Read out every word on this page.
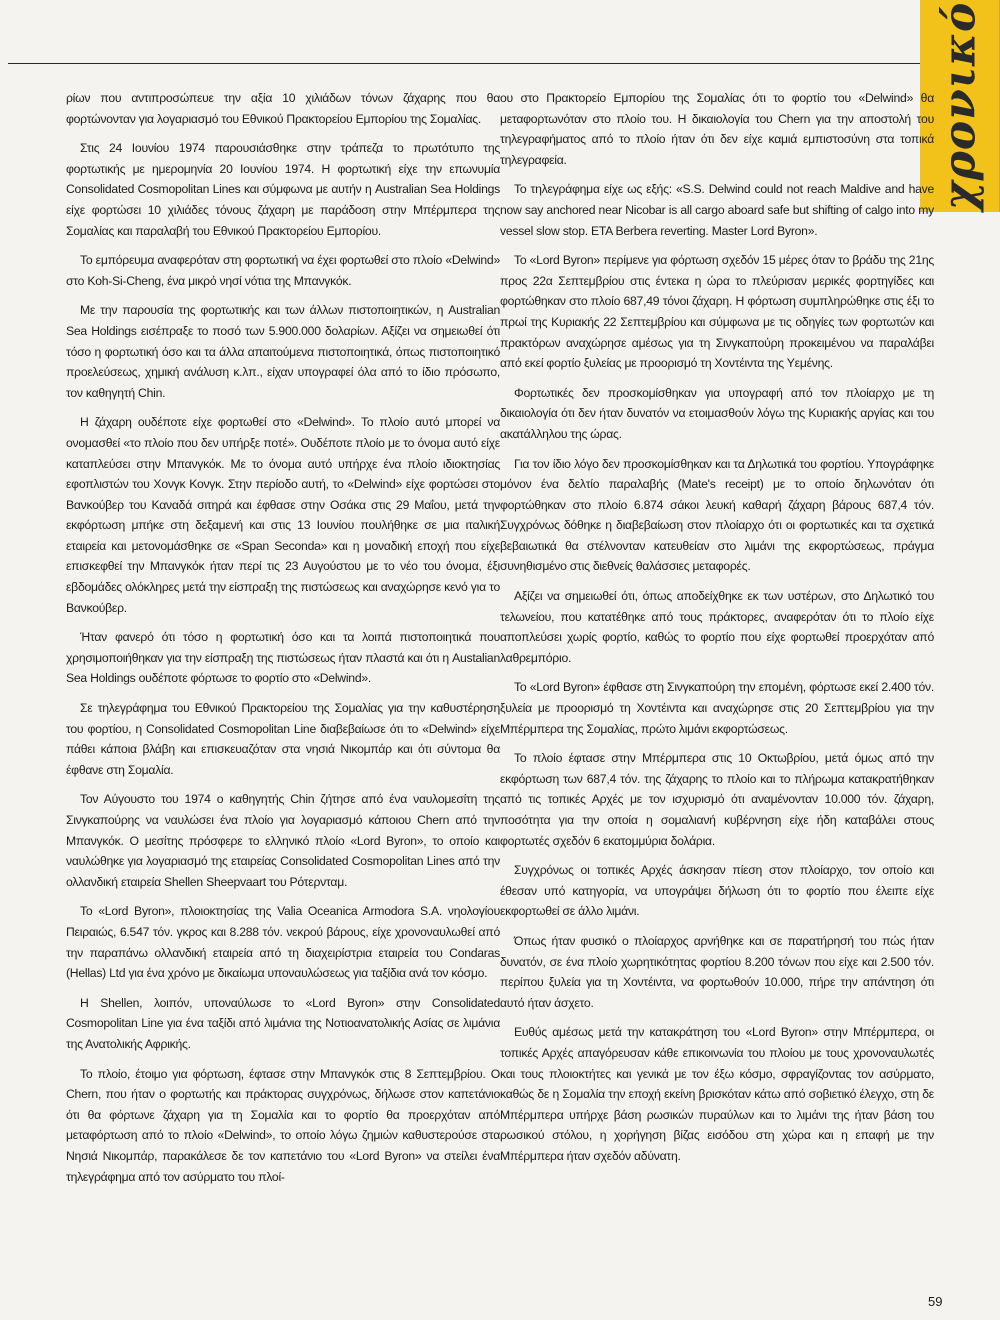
χρονικό

ρίων που αντιπροσώπευε την αξία 10 χιλιάδων τόνων ζάχαρης που θα φορτώνονταν για λογαριασμό του Εθνικού Πρακτορείου Εμπορίου της Σομαλίας.

Στις 24 Ιουνίου 1974 παρουσιάσθηκε στην τράπεζα το πρωτότυπο της φορτωτικής με ημερομηνία 20 Ιουνίου 1974. Η φορτωτική είχε την επωνυμία Consolidated Cosmopolitan Lines και σύμφωνα με αυτήν η Australian Sea Holdings είχε φορτώσει 10 χιλιάδες τόνους ζάχαρη με παράδοση στην Μπέρμπερα της Σομαλίας και παραλαβή του Εθνικού Πρακτορείου Εμπορίου.

Το εμπόρευμα αναφερόταν στη φορτωτική να έχει φορτωθεί στο πλοίο «Delwind» στο Koh-Si-Cheng, ένα μικρό νησί νότια της Μπανγκόκ.

Με την παρουσία της φορτωτικής και των άλλων πιστοποιητικών, η Australian Sea Holdings εισέπραξε το ποσό των 5.900.000 δολαρίων. Αξίζει να σημειωθεί ότι τόσο η φορτωτική όσο και τα άλλα απαιτούμενα πιστοποιητικά, όπως πιστοποιητικό προελεύσεως, χημική ανάλυση κ.λπ., είχαν υπογραφεί όλα από το ίδιο πρόσωπο, τον καθηγητή Chin.

Η ζάχαρη ουδέποτε είχε φορτωθεί στο «Delwind». Το πλοίο αυτό μπορεί να ονομασθεί «το πλοίο που δεν υπήρξε ποτέ». Ουδέποτε πλοίο με το όνομα αυτό είχε καταπλεύσει στην Μπανγκόκ. Με το όνομα αυτό υπήρχε ένα πλοίο ιδιοκτησίας εφοπλιστών του Χονγκ Κονγκ. Στην περίοδο αυτή, το «Delwind» είχε φορτώσει στο Βανκούβερ του Καναδά σιτηρά και έφθασε στην Οσάκα στις 29 Μαΐου, μετά την εκφόρτωση μπήκε στη δεξαμενή και στις 13 Ιουνίου πουλήθηκε σε μια ιταλική εταιρεία και μετονομάσθηκε σε «Span Seconda» και η μοναδική εποχή που είχε επισκεφθεί την Μπανγκόκ ήταν περί τις 23 Αυγούστου με το νέο του όνομα, έξι εβδομάδες ολόκληρες μετά την είσπραξη της πιστώσεως και αναχώρησε κενό για το Βανκούβερ.

Ήταν φανερό ότι τόσο η φορτωτική όσο και τα λοιπά πιστοποιητικά που χρησιμοποιήθηκαν για την είσπραξη της πιστώσεως ήταν πλαστά και ότι η Austalian Sea Holdings ουδέποτε φόρτωσε το φορτίο στο «Delwind».

Σε τηλεγράφημα του Εθνικού Πρακτορείου της Σομαλίας για την καθυστέρηση του φορτίου, η Consolidated Cosmopolitan Line διαβεβαίωσε ότι το «Delwind» είχε πάθει κάποια βλάβη και επισκευαζόταν στα νησιά Νικομπάρ και ότι σύντομα θα έφθανε στη Σομαλία.

Τον Αύγουστο του 1974 ο καθηγητής Chin ζήτησε από ένα ναυλομεσίτη της Σινγκαπούρης να ναυλώσει ένα πλοίο για λογαριασμό κάποιου Chern από την Μπανγκόκ. Ο μεσίτης πρόσφερε το ελληνικό πλοίο «Lord Byron», το οποίο και ναυλώθηκε για λογαριασμό της εταιρείας Consolidated Cosmopolitan Lines από την ολλανδική εταιρεία Shellen Sheepvaart του Ρότερνταμ.

Το «Lord Byron», πλοιοκτησίας της Valia Oceanica Armodora S.A. νηολογίου Πειραιώς, 6.547 τόν. γκρος και 8.288 τόν. νεκρού βάρους, είχε χρονοναυλωθεί από την παραπάνω ολλανδική εταιρεία από τη διαχειρίστρια εταιρεία του Condaras (Hellas) Ltd για ένα χρόνο με δικαίωμα υποναυλώσεως για ταξίδια ανά τον κόσμο.

Η Shellen, λοιπόν, υποναύλωσε το «Lord Byron» στην Consolidated Cosmopolitan Line για ένα ταξίδι από λιμάνια της Νοτιοανατολικής Ασίας σε λιμάνια της Ανατολικής Αφρικής.

Το πλοίο, έτοιμο για φόρτωση, έφτασε στην Μπανγκόκ στις 8 Σεπτεμβρίου. Ο Chern, που ήταν ο φορτωτής και πράκτορας συγχρόνως, δήλωσε στον καπετάνιο ότι θα φόρτωνε ζάχαρη για τη Σομαλία και το φορτίο θα προερχόταν από μεταφόρτωση από το πλοίο «Delwind», το οποίο λόγω ζημιών καθυστερούσε στα Νησιά Νικομπάρ, παρακάλεσε δε τον καπετάνιο του «Lord Byron» να στείλει ένα τηλεγράφημα από τον ασύρματο του πλοί-

ου στο Πρακτορείο Εμπορίου της Σομαλίας ότι το φορτίο του «Delwind» θα μεταφορτωνόταν στο πλοίο του. Η δικαιολογία του Chern για την αποστολή του τηλεγραφήματος από το πλοίο ήταν ότι δεν είχε καμιά εμπιστοσύνη στα τοπικά τηλεγραφεία.

Το τηλεγράφημα είχε ως εξής: «S.S. Delwind could not reach Maldive and have now say anchored near Nicobar is all cargo aboard safe but shifting of calgo into my vessel slow stop. ETA Berbera reverting. Master Lord Byron».

Το «Lord Byron» περίμενε για φόρτωση σχεδόν 15 μέρες όταν το βράδυ της 21ης προς 22α Σεπτεμβρίου στις έντεκα η ώρα το πλεύρισαν μερικές φορτηγίδες και φορτώθηκαν στο πλοίο 687,49 τόνοι ζάχαρη. Η φόρτωση συμπληρώθηκε στις έξι το πρωί της Κυριακής 22 Σεπτεμβρίου και σύμφωνα με τις οδηγίες των φορτωτών και πρακτόρων αναχώρησε αμέσως για τη Σινγκαπούρη προκειμένου να παραλάβει από εκεί φορτίο ξυλείας με προορισμό τη Χοντέιντα της Υεμένης.

Φορτωτικές δεν προσκομίσθηκαν για υπογραφή από τον πλοίαρχο με τη δικαιολογία ότι δεν ήταν δυνατόν να ετοιμασθούν λόγω της Κυριακής αργίας και του ακατάλληλου της ώρας.

Για τον ίδιο λόγο δεν προσκομίσθηκαν και τα Δηλωτικά του φορτίου. Υπογράφηκε μόνον ένα δελτίο παραλαβής (Mate's receipt) με το οποίο δηλωνόταν ότι φορτώθηκαν στο πλοίο 6.874 σάκοι λευκή καθαρή ζάχαρη βάρους 687,4 τόν. Συγχρόνως δόθηκε η διαβεβαίωση στον πλοίαρχο ότι οι φορτωτικές και τα σχετικά βεβαιωτικά θα στέλνονταν κατευθείαν στο λιμάνι της εκφορτώσεως, πράγμα συνηθισμένο στις διεθνείς θαλάσσιες μεταφορές.

Αξίζει να σημειωθεί ότι, όπως αποδείχθηκε εκ των υστέρων, στο Δηλωτικό του τελωνείου, που κατατέθηκε από τους πράκτορες, αναφερόταν ότι το πλοίο είχε αποπλεύσει χωρίς φορτίο, καθώς το φορτίο που είχε φορτωθεί προερχόταν από λαθρεμπόριο.

Το «Lord Byron» έφθασε στη Σινγκαπούρη την επομένη, φόρτωσε εκεί 2.400 τόν. ξυλεία με προορισμό τη Χοντέιντα και αναχώρησε στις 20 Σεπτεμβρίου για την Μπέρμπερα της Σομαλίας, πρώτο λιμάνι εκφορτώσεως.

Το πλοίο έφτασε στην Μπέρμπερα στις 10 Οκτωβρίου, μετά όμως από την εκφόρτωση των 687,4 τόν. της ζάχαρης το πλοίο και το πλήρωμα κατακρατήθηκαν από τις τοπικές Αρχές με τον ισχυρισμό ότι αναμένονταν 10.000 τόν. ζάχαρη, ποσότητα για την οποία η σομαλιανή κυβέρνηση είχε ήδη καταβάλει στους φορτωτές σχεδόν 6 εκατομμύρια δολάρια.

Συγχρόνως οι τοπικές Αρχές άσκησαν πίεση στον πλοίαρχο, τον οποίο και έθεσαν υπό κατηγορία, να υπογράψει δήλωση ότι το φορτίο που έλειπε είχε εκφορτωθεί σε άλλο λιμάνι.

Όπως ήταν φυσικό ο πλοίαρχος αρνήθηκε και σε παρατήρησή του πώς ήταν δυνατόν, σε ένα πλοίο χωρητικότητας φορτίου 8.200 τόνων που είχε και 2.500 τόν. περίπου ξυλεία για τη Χοντέιντα, να φορτωθούν 10.000, πήρε την απάντηση ότι αυτό ήταν άσχετο.

Ευθύς αμέσως μετά την κατακράτηση του «Lord Byron» στην Μπέρμπερα, οι τοπικές Αρχές απαγόρευσαν κάθε επικοινωνία του πλοίου με τους χρονοναυλωτές και τους πλοιοκτήτες και γενικά με τον έξω κόσμο, σφραγίζοντας τον ασύρματο, καθώς δε η Σομαλία την εποχή εκείνη βρισκόταν κάτω από σοβιετικό έλεγχο, στη δε Μπέρμπερα υπήρχε βάση ρωσικών πυραύλων και το λιμάνι της ήταν βάση του ρωσικού στόλου, η χορήγηση βίζας εισόδου στη χώρα και η επαφή με την Μπέρμπερα ήταν σχεδόν αδύνατη.

59
